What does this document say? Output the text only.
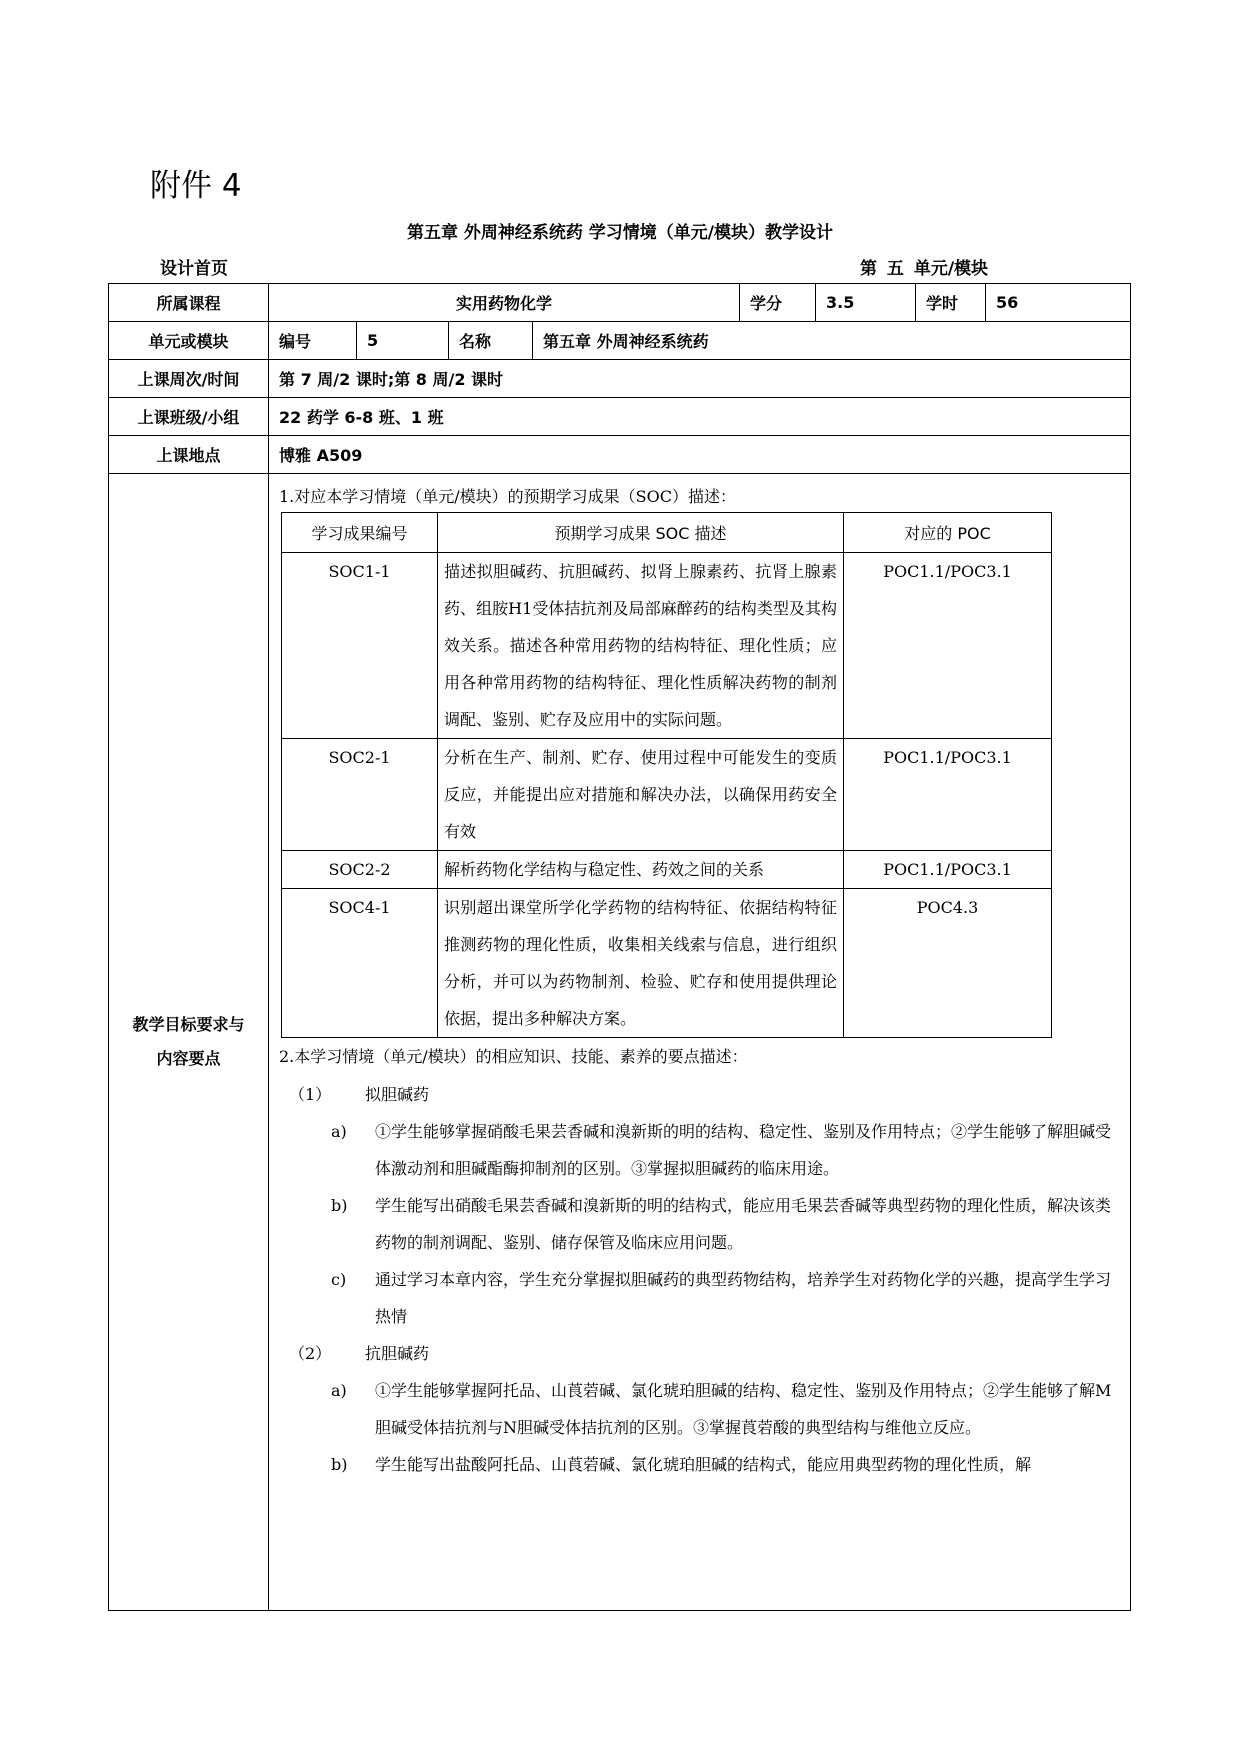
附件 4
第五章 外周神经系统药 学习情境（单元/模块）教学设计
设计首页	第 五 单元/模块
所属课程	实用药物化学	学分	3.5	学时	56
单元或模块	编号	5	名称	第五章 外周神经系统药
上课周次/时间	第 7 周/2 课时;第 8 周/2 课时
上课班级/小组	22 药学 6-8 班、1 班
上课地点	博雅 A509

教学目标要求与
内容要点

1.对应本学习情境（单元/模块）的预期学习成果（SOC）描述：
学习成果编号	预期学习成果 SOC 描述	对应的 POC
SOC1-1	描述拟胆碱药、抗胆碱药、拟肾上腺素药、抗肾上腺素药、组胺H1受体拮抗剂及局部麻醉药的结构类型及其构效关系。描述各种常用药物的结构特征、理化性质；应用各种常用药物的结构特征、理化性质解决药物的制剂调配、鉴别、贮存及应用中的实际问题。	POC1.1/POC3.1
SOC2-1	分析在生产、制剂、贮存、使用过程中可能发生的变质反应，并能提出应对措施和解决办法，以确保用药安全有效	POC1.1/POC3.1
SOC2-2	解析药物化学结构与稳定性、药效之间的关系	POC1.1/POC3.1
SOC4-1	识别超出课堂所学化学药物的结构特征、依据结构特征推测药物的理化性质，收集相关线索与信息，进行组织分析，并可以为药物制剂、检验、贮存和使用提供理论依据，提出多种解决方案。	POC4.3
2.本学习情境（单元/模块）的相应知识、技能、素养的要点描述：
（1） 拟胆碱药
a) ①学生能够掌握硝酸毛果芸香碱和溴新斯的明的结构、稳定性、鉴别及作用特点；②学生能够了解胆碱受体激动剂和胆碱酯酶抑制剂的区别。③掌握拟胆碱药的临床用途。
b) 学生能写出硝酸毛果芸香碱和溴新斯的明的结构式，能应用毛果芸香碱等典型药物的理化性质，解决该类药物的制剂调配、鉴别、储存保管及临床应用问题。
c) 通过学习本章内容，学生充分掌握拟胆碱药的典型药物结构，培养学生对药物化学的兴趣，提高学生学习热情
（2） 抗胆碱药
a) ①学生能够掌握阿托品、山莨菪碱、氯化琥珀胆碱的结构、稳定性、鉴别及作用特点；②学生能够了解M胆碱受体拮抗剂与N胆碱受体拮抗剂的区别。③掌握莨菪酸的典型结构与维他立反应。
b) 学生能写出盐酸阿托品、山莨菪碱、氯化琥珀胆碱的结构式，能应用典型药物的理化性质，解
